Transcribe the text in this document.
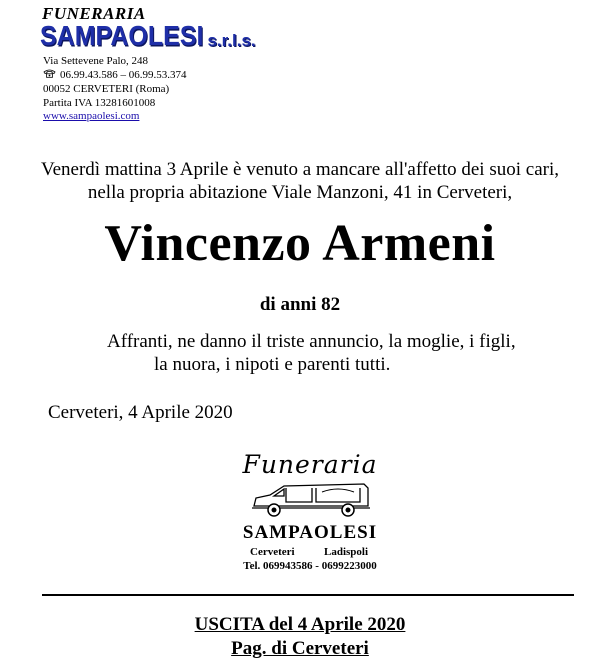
FUNERARIA
SAMPAOLESI s.r.l.s.
Via Settevene Palo, 248
06.99.43.586 – 06.99.53.374
00052 CERVETERI (Roma)
Partita IVA 13281601008
www.sampaolesi.com
Venerdì mattina 3 Aprile è venuto a mancare all'affetto dei suoi cari,
nella propria abitazione Viale Manzoni, 41 in Cerveteri,
Vincenzo Armeni
di anni 82
Affranti, ne danno il triste annuncio, la moglie, i figli,
la nuora, i nipoti e parenti tutti.
Cerveteri, 4 Aprile 2020
Funeraria
SAMPAOLESI
Cerveteri	Ladispoli
Tel. 069943586 - 0699223000
USCITA del 4 Aprile 2020
Pag. di Cerveteri
